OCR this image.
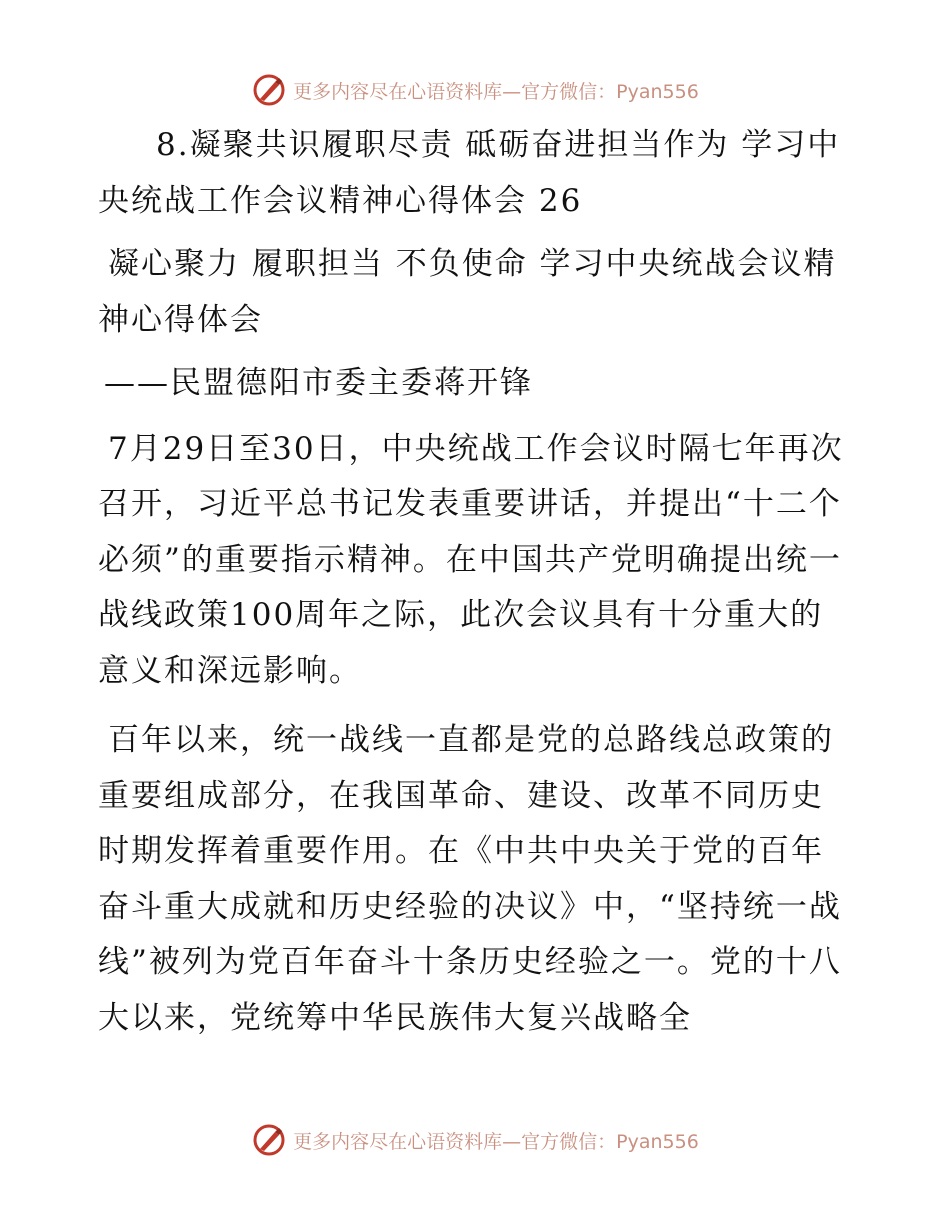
更多内容尽在心语资料库—官方微信：Pyan556

8.凝聚共识履职尽责 砥砺奋进担当作为 学习中央统战工作会议精神心得体会 26

凝心聚力 履职担当 不负使命 学习中央统战会议精神心得体会

——民盟德阳市委主委蒋开锋

7月29日至30日，中央统战工作会议时隔七年再次召开，习近平总书记发表重要讲话，并提出“十二个必须”的重要指示精神。在中国共产党明确提出统一战线政策100周年之际，此次会议具有十分重大的意义和深远影响。

百年以来，统一战线一直都是党的总路线总政策的重要组成部分，在我国革命、建设、改革不同历史时期发挥着重要作用。在《中共中央关于党的百年奋斗重大成就和历史经验的决议》中，“坚持统一战线”被列为党百年奋斗十条历史经验之一。党的十八大以来，党统筹中华民族伟大复兴战略全

更多内容尽在心语资料库—官方微信：Pyan556
